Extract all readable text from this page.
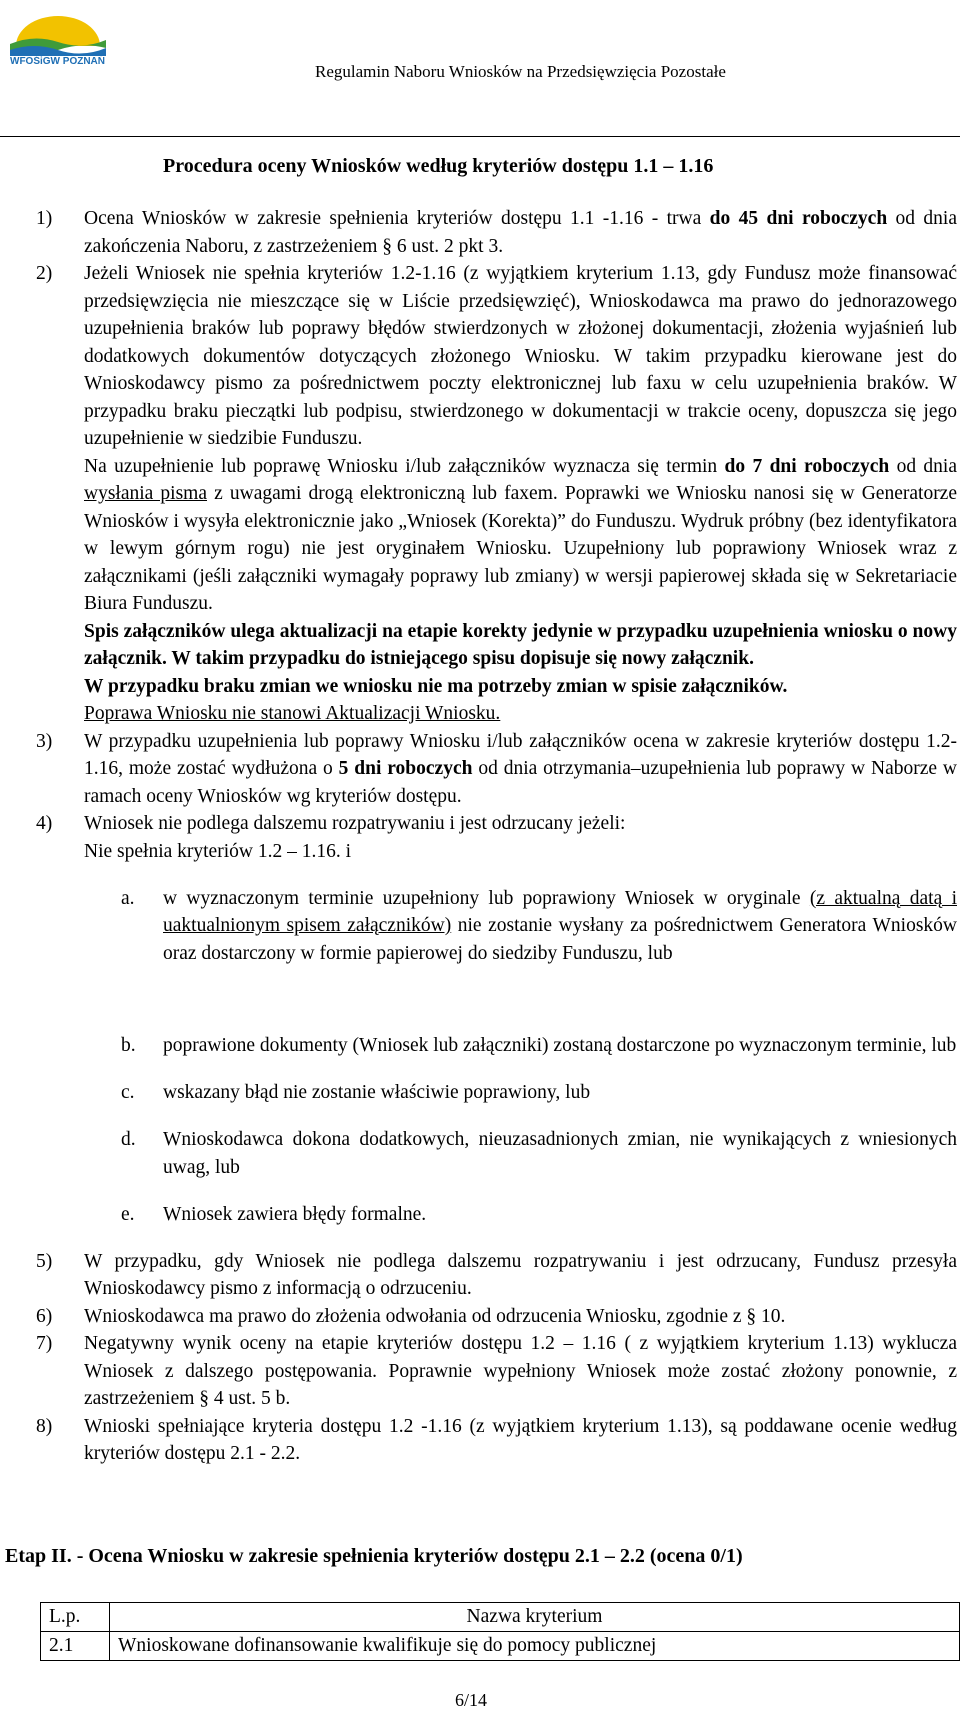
WFOŚiGW POZNAŃ
Regulamin Naboru Wniosków na Przedsięwzięcia Pozostałe
Procedura oceny Wniosków według kryteriów dostępu 1.1 – 1.16
1) Ocena Wniosków w zakresie spełnienia kryteriów dostępu 1.1 -1.16 - trwa do 45 dni roboczych od dnia zakończenia Naboru, z zastrzeżeniem § 6 ust. 2 pkt 3.

2) Jeżeli Wniosek nie spełnia kryteriów 1.2-1.16 (z wyjątkiem kryterium 1.13, gdy Fundusz może finansować przedsięwzięcia nie mieszczące się w Liście przedsięwzięć), Wnioskodawca ma prawo do jednorazowego uzupełnienia braków lub poprawy błędów stwierdzonych w złożonej dokumentacji, złożenia wyjaśnień lub dodatkowych dokumentów dotyczących złożonego Wniosku. W takim przypadku kierowane jest do Wnioskodawcy pismo za pośrednictwem poczty elektronicznej lub faxu w celu uzupełnienia braków. W przypadku braku pieczątki lub podpisu, stwierdzonego w dokumentacji w trakcie oceny, dopuszcza się jego uzupełnienie w siedzibie Funduszu.

Na uzupełnienie lub poprawę Wniosku i/lub załączników wyznacza się termin do 7 dni roboczych od dnia wysłania pisma z uwagami drogą elektroniczną lub faxem. Poprawki we Wniosku nanosi się w Generatorze Wniosków i wysyła elektronicznie jako „Wniosek (Korekta)” do Funduszu. Wydruk próbny (bez identyfikatora w lewym górnym rogu) nie jest oryginałem Wniosku. Uzupełniony lub poprawiony Wniosek wraz z załącznikami (jeśli załączniki wymagały poprawy lub zmiany) w wersji papierowej składa się w Sekretariacie Biura Funduszu.

Spis załączników ulega aktualizacji na etapie korekty jedynie w przypadku uzupełnienia wniosku o nowy załącznik. W takim przypadku do istniejącego spisu dopisuje się nowy załącznik.

W przypadku braku zmian we wniosku nie ma potrzeby zmian w spisie załączników.

Poprawa Wniosku nie stanowi Aktualizacji Wniosku.

3) W przypadku uzupełnienia lub poprawy Wniosku i/lub załączników ocena w zakresie kryteriów dostępu 1.2- 1.16, może zostać wydłużona o 5 dni roboczych od dnia otrzymania–uzupełnienia lub poprawy w Naborze w ramach oceny Wniosków wg kryteriów dostępu.

4) Wniosek nie podlega dalszemu rozpatrywaniu i jest odrzucany jeżeli:

Nie spełnia kryteriów 1.2 – 1.16. i

a. w wyznaczonym terminie uzupełniony lub poprawiony Wniosek w oryginale (z aktualną datą i uaktualnionym spisem załączników) nie zostanie wysłany za pośrednictwem Generatora Wniosków oraz dostarczony w formie papierowej do siedziby Funduszu, lub

b. poprawione dokumenty (Wniosek lub załączniki) zostaną dostarczone po wyznaczonym terminie, lub

c. wskazany błąd nie zostanie właściwie poprawiony, lub

d. Wnioskodawca dokona dodatkowych, nieuzasadnionych zmian, nie wynikających z wniesionych uwag, lub

e. Wniosek zawiera błędy formalne.

5) W przypadku, gdy Wniosek nie podlega dalszemu rozpatrywaniu i jest odrzucany, Fundusz przesyła Wnioskodawcy pismo z informacją o odrzuceniu.

6) Wnioskodawca ma prawo do złożenia odwołania od odrzucenia Wniosku, zgodnie z § 10.

7) Negatywny wynik oceny na etapie kryteriów dostępu 1.2 – 1.16 ( z wyjątkiem kryterium 1.13) wyklucza Wniosek z dalszego postępowania. Poprawnie wypełniony Wniosek może zostać złożony ponownie, z zastrzeżeniem § 4 ust. 5 b.

8) Wnioski spełniające kryteria dostępu 1.2 -1.16 (z wyjątkiem kryterium 1.13), są poddawane ocenie według kryteriów dostępu 2.1 - 2.2.

Etap II. - Ocena Wniosku w zakresie spełnienia kryteriów dostępu 2.1 – 2.2 (ocena 0/1)
L.p.	Nazwa kryterium
2.1	Wnioskowane dofinansowanie kwalifikuje się do pomocy publicznej
6/14
